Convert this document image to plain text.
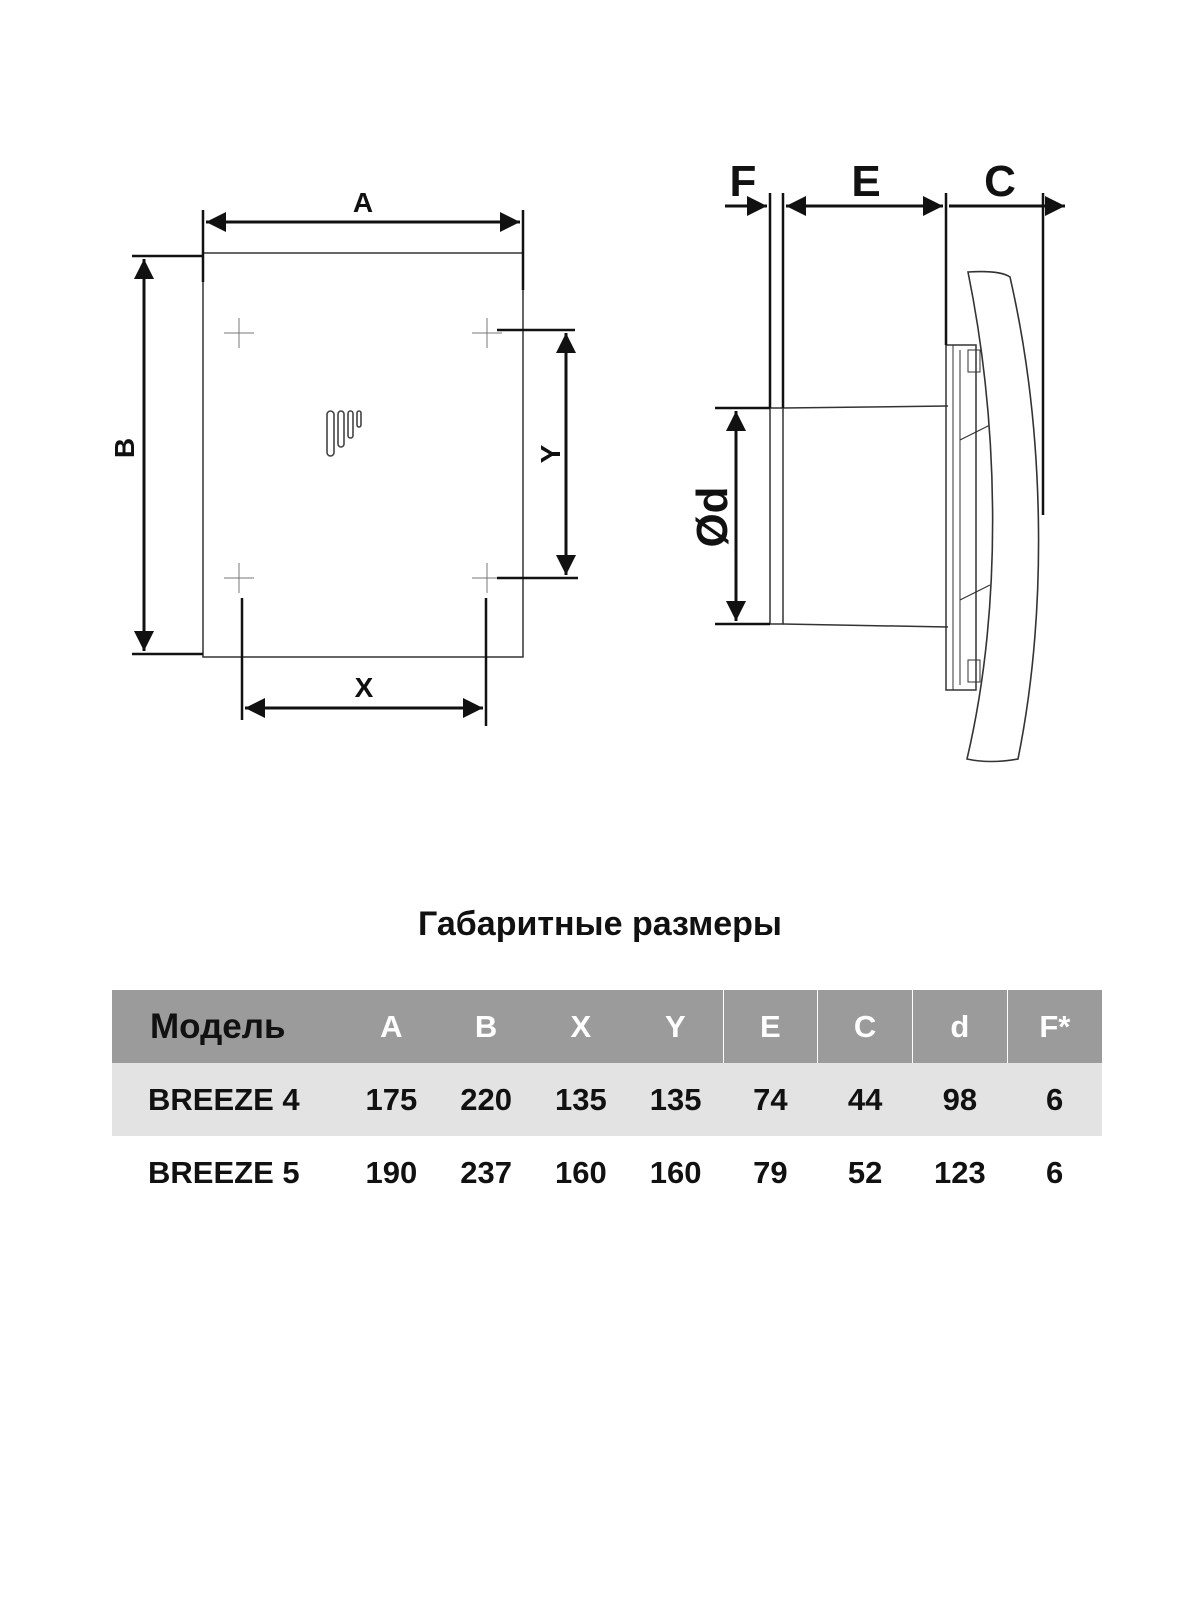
A
B	Y
X
F E C
Ød
Габаритные размеры
Модель	A	B	X	Y	E	C	d	F*
BREEZE 4	175	220	135	135	74	44	98	6
BREEZE 5	190	237	160	160	79	52	123	6
